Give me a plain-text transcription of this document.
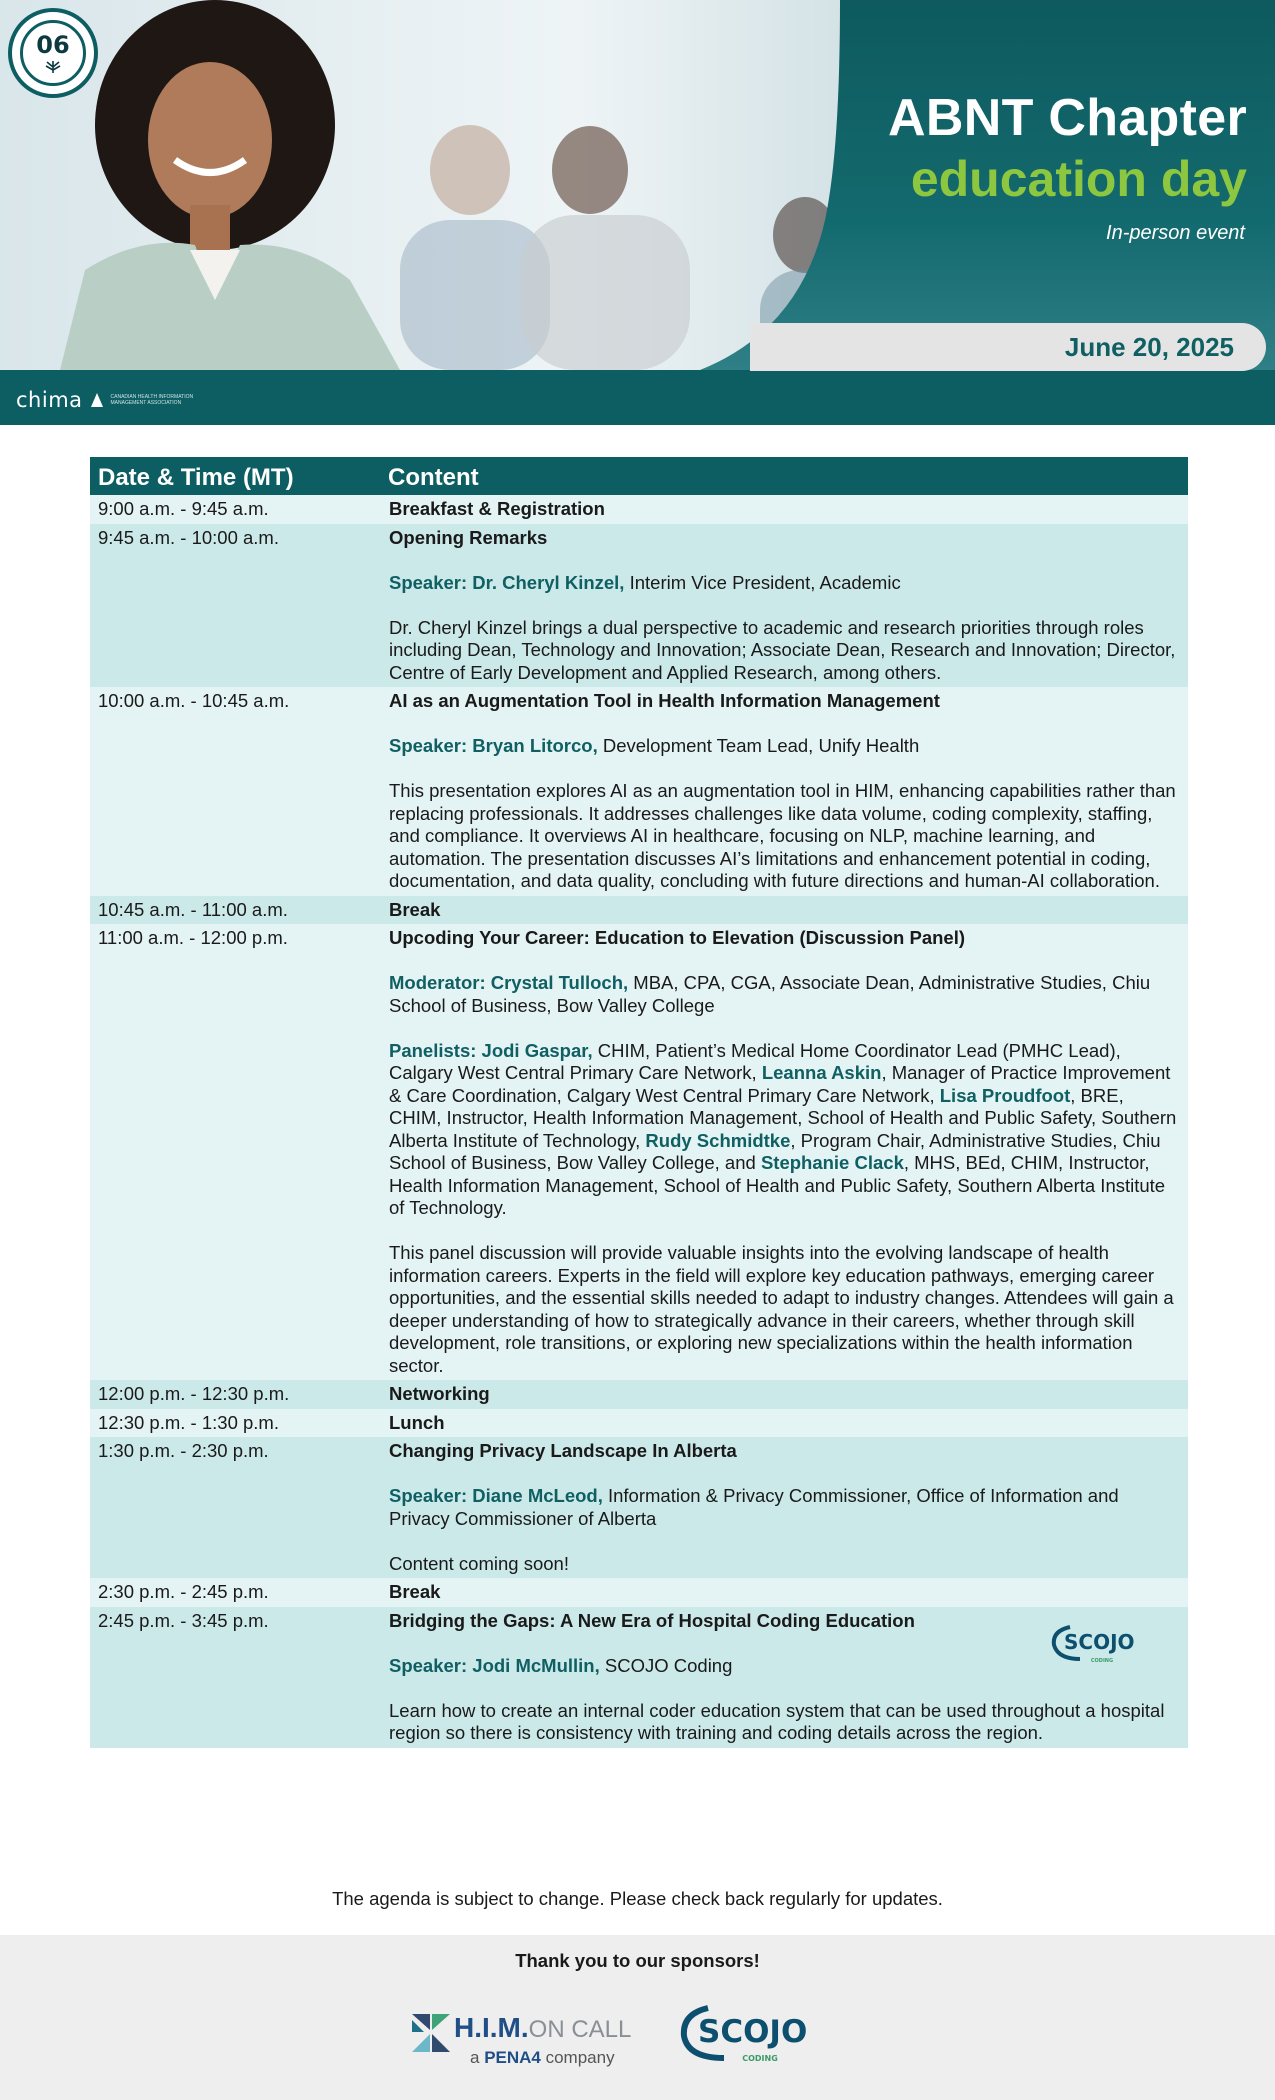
06
ABNT Chapter
education day
In-person event
June 20, 2025
chima	CANADIAN HEALTH INFORMATION MANAGEMENT ASSOCIATION
Date & Time (MT)	Content
9:00 a.m. - 9:45 a.m.	Breakfast & Registration

9:45 a.m. - 10:00 a.m.	Opening Remarks
Speaker: Dr. Cheryl Kinzel, Interim Vice President, Academic
Dr. Cheryl Kinzel brings a dual perspective to academic and research priorities through roles including Dean, Technology and Innovation; Associate Dean, Research and Innovation; Director, Centre of Early Development and Applied Research, among others.

10:00 a.m. - 10:45 a.m.	AI as an Augmentation Tool in Health Information Management
Speaker: Bryan Litorco, Development Team Lead, Unify Health
This presentation explores AI as an augmentation tool in HIM, enhancing capabilities rather than replacing professionals. It addresses challenges like data volume, coding complexity, staffing, and compliance. It overviews AI in healthcare, focusing on NLP, machine learning, and automation. The presentation discusses AI’s limitations and enhancement potential in coding, documentation, and data quality, concluding with future directions and human-AI collaboration.

10:45 a.m. - 11:00 a.m.	Break

11:00 a.m. - 12:00 p.m.	Upcoding Your Career: Education to Elevation (Discussion Panel)
Moderator: Crystal Tulloch, MBA, CPA, CGA, Associate Dean, Administrative Studies, Chiu School of Business, Bow Valley College
Panelists: Jodi Gaspar, CHIM, Patient’s Medical Home Coordinator Lead (PMHC Lead), Calgary West Central Primary Care Network, Leanna Askin, Manager of Practice Improvement & Care Coordination, Calgary West Central Primary Care Network, Lisa Proudfoot, BRE, CHIM, Instructor, Health Information Management, School of Health and Public Safety, Southern Alberta Institute of Technology, Rudy Schmidtke, Program Chair, Administrative Studies, Chiu School of Business, Bow Valley College, and Stephanie Clack, MHS, BEd, CHIM, Instructor, Health Information Management, School of Health and Public Safety, Southern Alberta Institute of Technology.
This panel discussion will provide valuable insights into the evolving landscape of health information careers. Experts in the field will explore key education pathways, emerging career opportunities, and the essential skills needed to adapt to industry changes. Attendees will gain a deeper understanding of how to strategically advance in their careers, whether through skill development, role transitions, or exploring new specializations within the health information sector.

12:00 p.m. - 12:30 p.m.	Networking

12:30 p.m. - 1:30 p.m.	Lunch

1:30 p.m. - 2:30 p.m.	Changing Privacy Landscape In Alberta
Speaker: Diane McLeod, Information & Privacy Commissioner, Office of Information and Privacy Commissioner of Alberta
Content coming soon!

2:30 p.m. - 2:45 p.m.	Break

2:45 p.m. - 3:45 p.m.	SCOJO
CODING
Bridging the Gaps: A New Era of Hospital Coding Education
Speaker: Jodi McMullin, SCOJO Coding
Learn how to create an internal coder education system that can be used throughout a hospital region so there is consistency with training and coding details across the region.
The agenda is subject to change. Please check back regularly for updates.
Thank you to our sponsors!
H.I.M.ON CALL
a PENA4 company
SCOJO
CODING
